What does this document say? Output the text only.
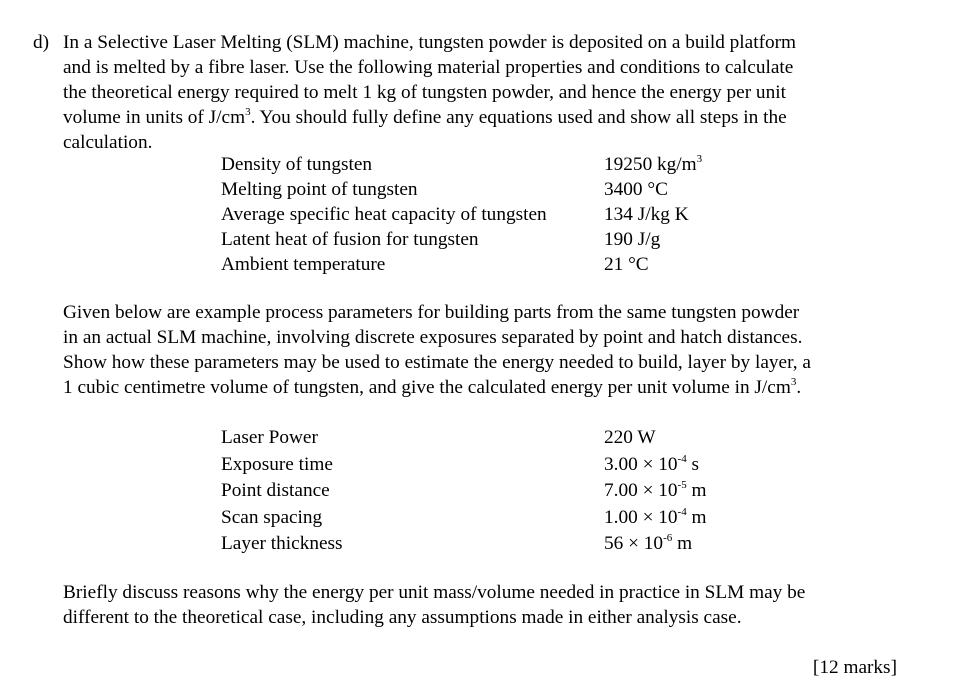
d) In a Selective Laser Melting (SLM) machine, tungsten powder is deposited on a build platform
and is melted by a fibre laser. Use the following material properties and conditions to calculate
the theoretical energy required to melt 1 kg of tungsten powder, and hence the energy per unit
volume in units of $J/cm^3$. You should fully define any equations used and show all steps in the
calculation.
Density of tungsten	19250 $kg/m^3$
Melting point of tungsten	3400 °C
Average specific heat capacity of tungsten	134 J/kg K
Latent heat of fusion for tungsten	190 J/g
Ambient temperature	21 °C
Given below are example process parameters for building parts from the same tungsten powder
in an actual SLM machine, involving discrete exposures separated by point and hatch distances.
Show how these parameters may be used to estimate the energy needed to build, layer by layer, a
1 cubic centimetre volume of tungsten, and give the calculated energy per unit volume in $J/cm^3$.
Laser Power	220 W
Exposure time	$3.00 \times 10^{-4}$ s
Point distance	$7.00 \times 10^{-5}$ m
Scan spacing	$1.00 \times 10^{-4}$ m
Layer thickness	$56 \times 10^{-6}$ m
Briefly discuss reasons why the energy per unit mass/volume needed in practice in SLM may be
different to the theoretical case, including any assumptions made in either analysis case.
[12 marks]
